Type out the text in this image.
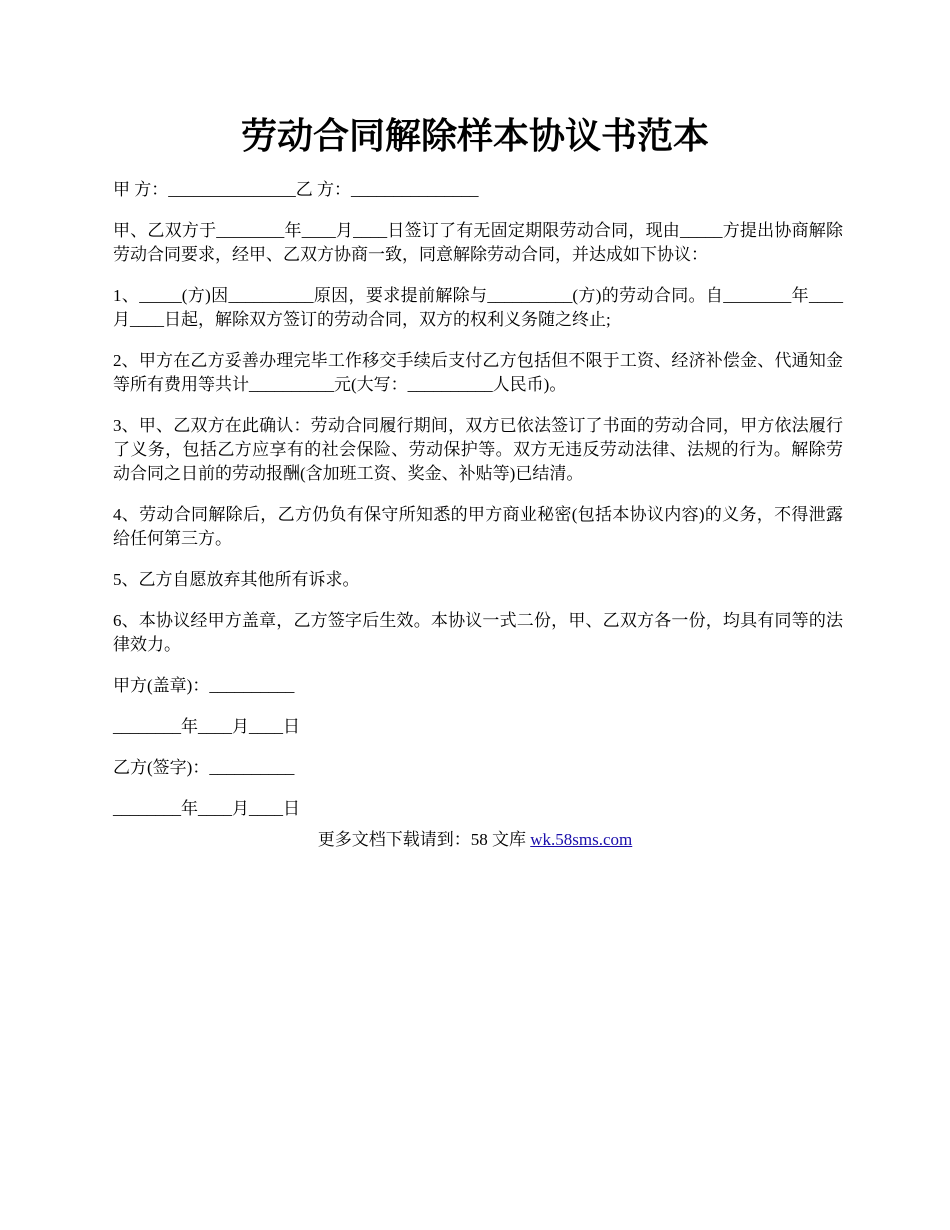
劳动合同解除样本协议书范本

甲 方：_______________乙 方：_______________

甲、乙双方于________年____月____日签订了有无固定期限劳动合同，现由_____方提出协商解除劳动合同要求，经甲、乙双方协商一致，同意解除劳动合同，并达成如下协议：

1、_____(方)因__________原因，要求提前解除与__________(方)的劳动合同。自________年____月____日起，解除双方签订的劳动合同，双方的权利义务随之终止;

2、甲方在乙方妥善办理完毕工作移交手续后支付乙方包括但不限于工资、经济补偿金、代通知金等所有费用等共计__________元(大写：__________人民币)。

3、甲、乙双方在此确认：劳动合同履行期间，双方已依法签订了书面的劳动合同，甲方依法履行了义务，包括乙方应享有的社会保险、劳动保护等。双方无违反劳动法律、法规的行为。解除劳动合同之日前的劳动报酬(含加班工资、奖金、补贴等)已结清。

4、劳动合同解除后，乙方仍负有保守所知悉的甲方商业秘密(包括本协议内容)的义务，不得泄露给任何第三方。

5、乙方自愿放弃其他所有诉求。

6、本协议经甲方盖章，乙方签字后生效。本协议一式二份，甲、乙双方各一份，均具有同等的法律效力。

甲方(盖章)：__________

________年____月____日

乙方(签字)：__________

________年____月____日

更多文档下载请到：58 文库 wk.58sms.com
